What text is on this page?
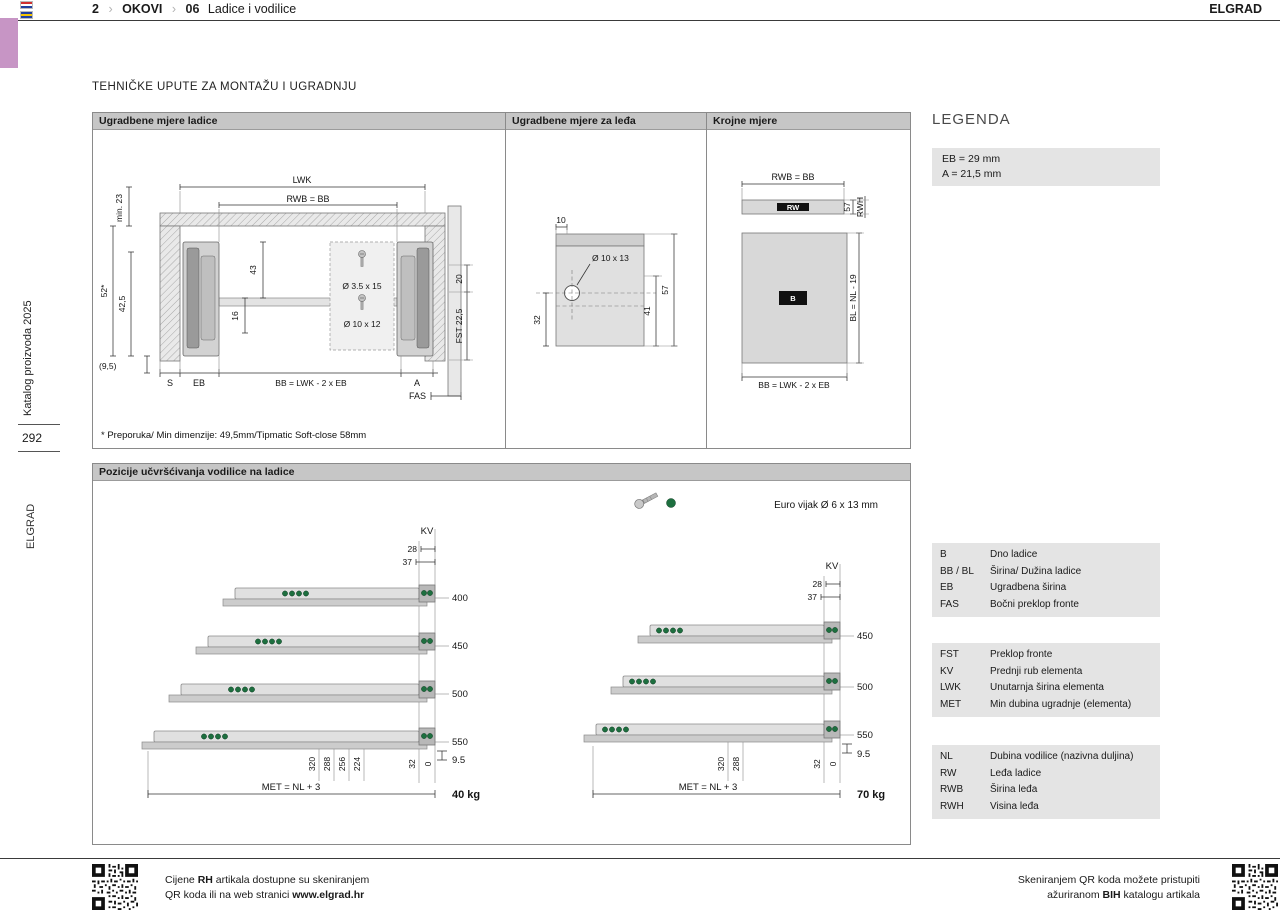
2 › OKOVI › 06 Ladice i vodilice	ELGRAD
Katalog proizvoda 2025
292
ELGRAD
TEHNIČKE UPUTE ZA MONTAŽU I UGRADNJU
Ugradbene mjere ladice
LWK
RWB = BB
min. 23
52*
42,5
(9,5)
43
16
Ø 3.5 x 15
Ø 10 x 12
20
FST 22,5
S EB	BB = LWK - 2 x EB	A
FAS
* Preporuka/ Min dimenzije: 49,5mm/Tipmatic Soft-close 58mm
Ugradbene mjere za leđa
10
Ø 10 x 13
32
41
57
Krojne mjere
RWB = BB
RW	57 RWH
B	BL = NL - 19
BB = LWK - 2 x EB
LEGENDA
EB = 29 mm
A = 21,5 mm
B	Dno ladice
BB / BL	Širina/ Dužina ladice
EB	Ugradbena širina
FAS	Bočni preklop fronte
FST	Preklop fronte
KV	Prednji rub elementa
LWK	Unutarnja širina elementa
MET	Min dubina ugradnje (elementa)
NL	Dubina vodilice (nazivna duljina)
RW	Leđa ladice
RWB	Širina leđa
RWH	Visina leđa
Pozicije učvršćivanja vodilice na ladice
Euro vijak Ø 6 x 13 mm
KV
28
37
400
450
500
550
9.5
320 288 256 224	32 0
MET = NL + 3
40 kg
KV
28
37
450
500
550
9.5
320 288	32 0
MET = NL + 3
70 kg
Cijene RH artikala dostupne su skeniranjem
QR koda ili na web stranici www.elgrad.hr
Skeniranjem QR koda možete pristupiti
ažuriranom BIH katalogu artikala
